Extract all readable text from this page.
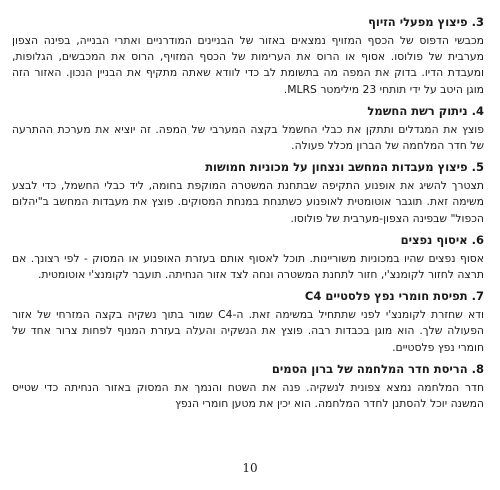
3. פיצוץ מפעלי הזיוף

מכבשי הדפוס של הכסף המזויף נמצאים באזור של הבניינים המודרניים ואתרי הבנייה, בפינה הצפון מערבית של פולוסו. אסוף או הרוס את הערימות של הכסף המזויף, הרוס את המכבשים, הגלופות, ומעבדת הדיו. בדוק את המפה מה בתשומת לב כדי לוודא שאתה מתקיף את הבניין הנכון. האזור הזה מוגן היטב על ידי תותחי 23 מילימטר MLRS.

4. ניתוק רשת החשמל

פוצץ את המגדלים ותתקן את כבלי החשמל בקצה המערבי של המפה. זה יוציא את מערכת ההתרעה של חדר המלחמה של הברון מכלל פעולה.

5. פיצוץ מעבדות המחשב ונצחון על מכוניות חמושות

תצטרך להשיג את אופנוע התקיפה שבתחנת המשטרה המוקפת בחומה, ליד כבלי החשמל, כדי לבצע משימה זאת. תוגבר אוטומטית לאופנוע כשתנחת במנחת המסוקים. פוצץ את מעבדות המחשב ב"יהלום הכפול" שבפינה הצפון-מערבית של פולוסו.

6. איסוף נפצים

אסוף נפצים שהיו במכוניות משוריינות. תוכל לאסוף אותם בעזרת האופנוע או המסוק - לפי רצונך. אם תרצה לחזור לקומנצ'י, חזור לתחנת המשטרה ונחה לצד אזור הנחיתה. תועבר לקומנצ'י אוטומטית.

7. תפיסת חומרי נפץ פלסטיים C4

ודא שחזרת לקומנצ'י לפני שתתחיל במשימה זאת. ה-C4 שמור בתוך נשקיה בקצה המזרחי של אזור הפעולה שלך. הוא מוגן בכבדות רבה. פוצץ את הנשקיה והעלה בעזרת המנוף לפחות צרור אחד של חומרי נפץ פלסטיים.

8. הריסת חדר המלחמה של ברון הסמים

חדר המלחמה נמצא צפונית לנשקיה. פנה את השטח והנמך את המסוק באזור הנחיתה כדי שטייס המשנה יוכל להסתנן לחדר המלחמה. הוא יכין את מטען חומרי הנפץ

10
